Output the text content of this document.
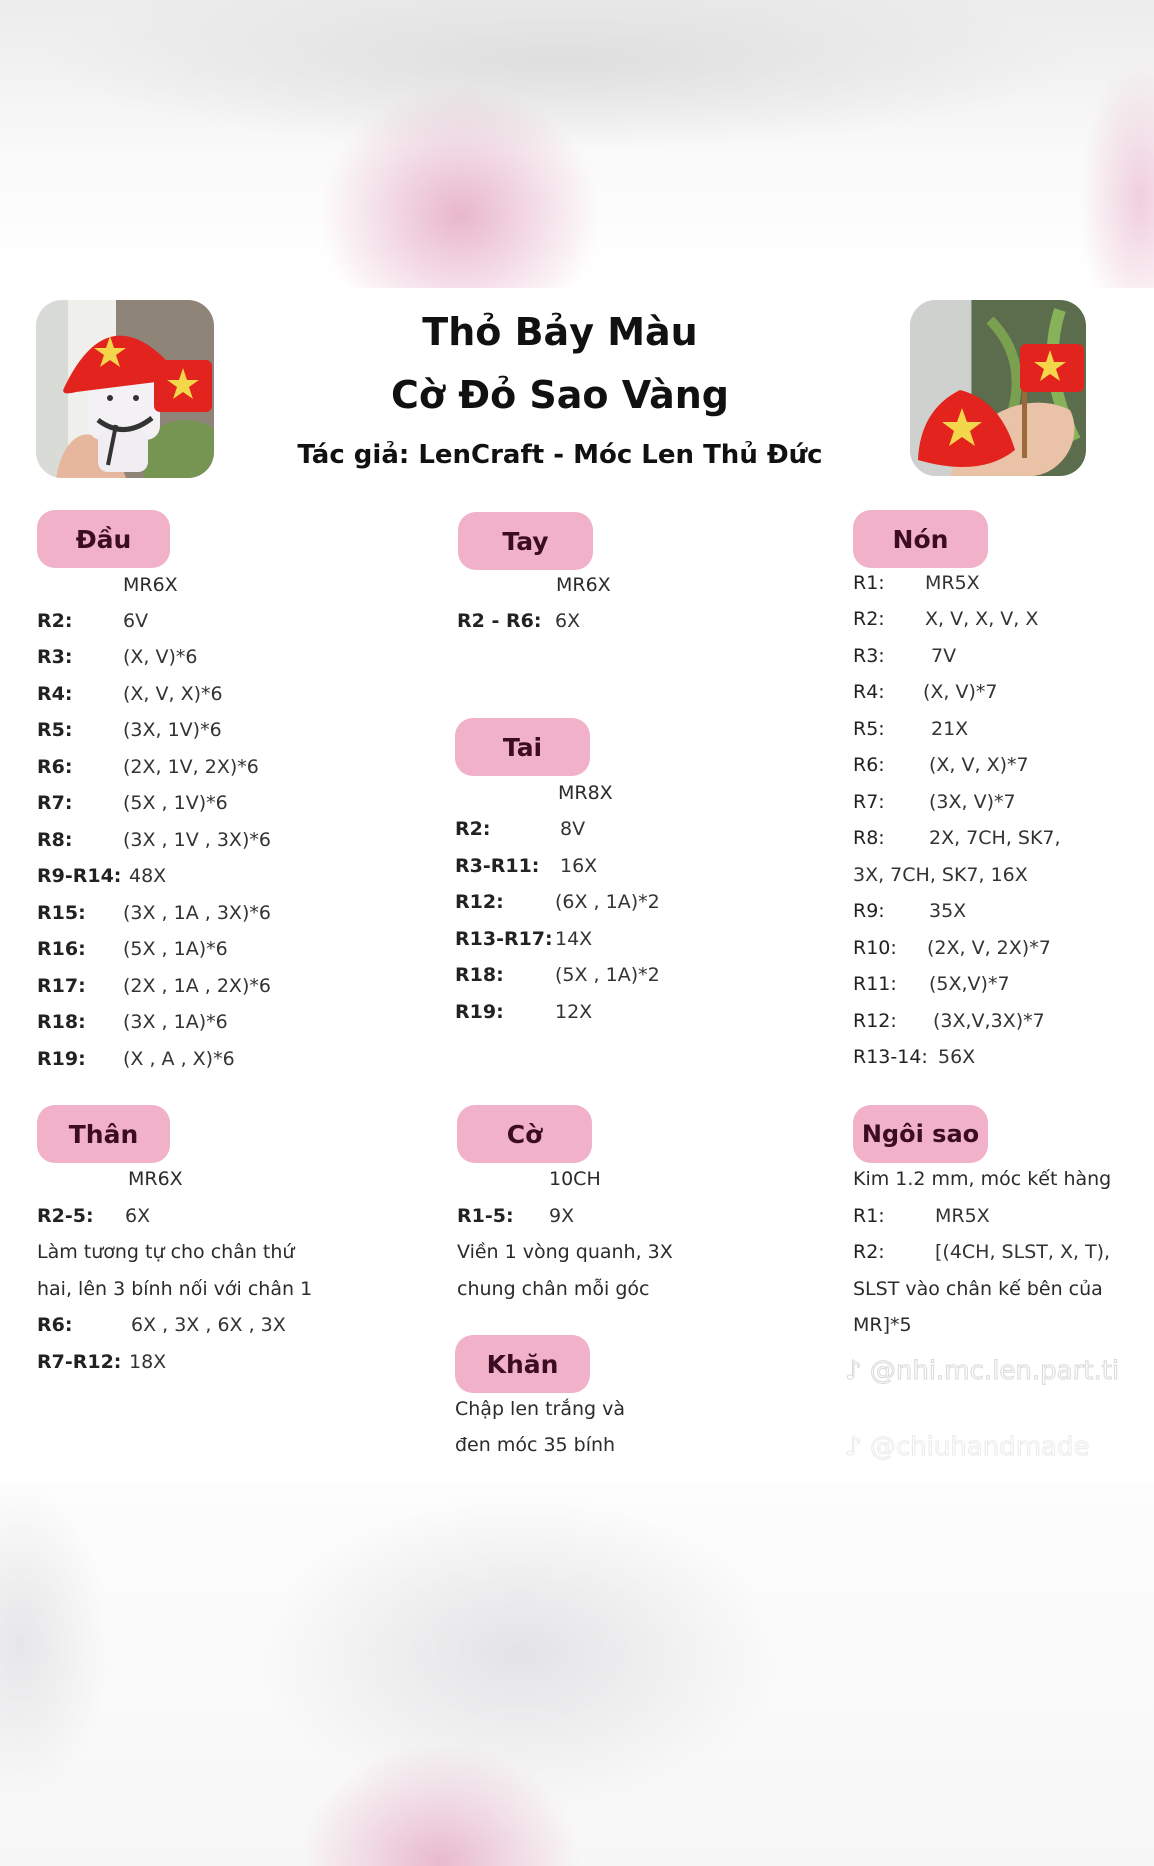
Thỏ Bảy Màu
Cờ Đỏ Sao Vàng
Tác giả: LenCraft - Móc Len Thủ Đức
Đầu
MR6X
R2:	6V
R3:	(X, V)*6
R4:	(X, V, X)*6
R5:	(3X, 1V)*6
R6:	(2X, 1V, 2X)*6
R7:	(5X , 1V)*6
R8:	(3X , 1V , 3X)*6
R9-R14: 48X
R15: (3X , 1A , 3X)*6
R16: (5X , 1A)*6
R17: (2X , 1A , 2X)*6
R18: (3X , 1A)*6
R19: (X , A , X)*6
Thân
MR6X
R2-5: 6X
Làm tương tự cho chân thứ
hai, lên 3 bính nối với chân 1
R6:	6X , 3X , 6X , 3X
R7-R12: 18X
Tay
MR6X
R2 - R6: 6X
Tai
MR8X
R2:	8V
R3-R11: 16X
R12:	(6X , 1A)*2
R13-R17: 14X
R18:	(5X , 1A)*2
R19:	12X
Cờ
10CH
R1-5: 9X
Viền 1 vòng quanh, 3X
chung chân mỗi góc
Khăn
Chập len trắng và
đen móc 35 bính
Nón
R1: MR5X
R2: X, V, X, V, X
R3: 7V
R4: (X, V)*7
R5: 21X
R6: (X, V, X)*7
R7: (3X, V)*7
R8: 2X, 7CH, SK7,
3X, 7CH, SK7, 16X
R9: 35X
R10: (2X, V, 2X)*7
R11: (5X,V)*7
R12: (3X,V,3X)*7
R13-14: 56X
Ngôi sao
Kim 1.2 mm, móc kết hàng
R1:	MR5X
R2:	[(4CH, SLST, X, T),
SLST vào chân kế bên của
MR]*5
♪ @nhi.mc.len.part.ti
♪ @chiuhandmade
